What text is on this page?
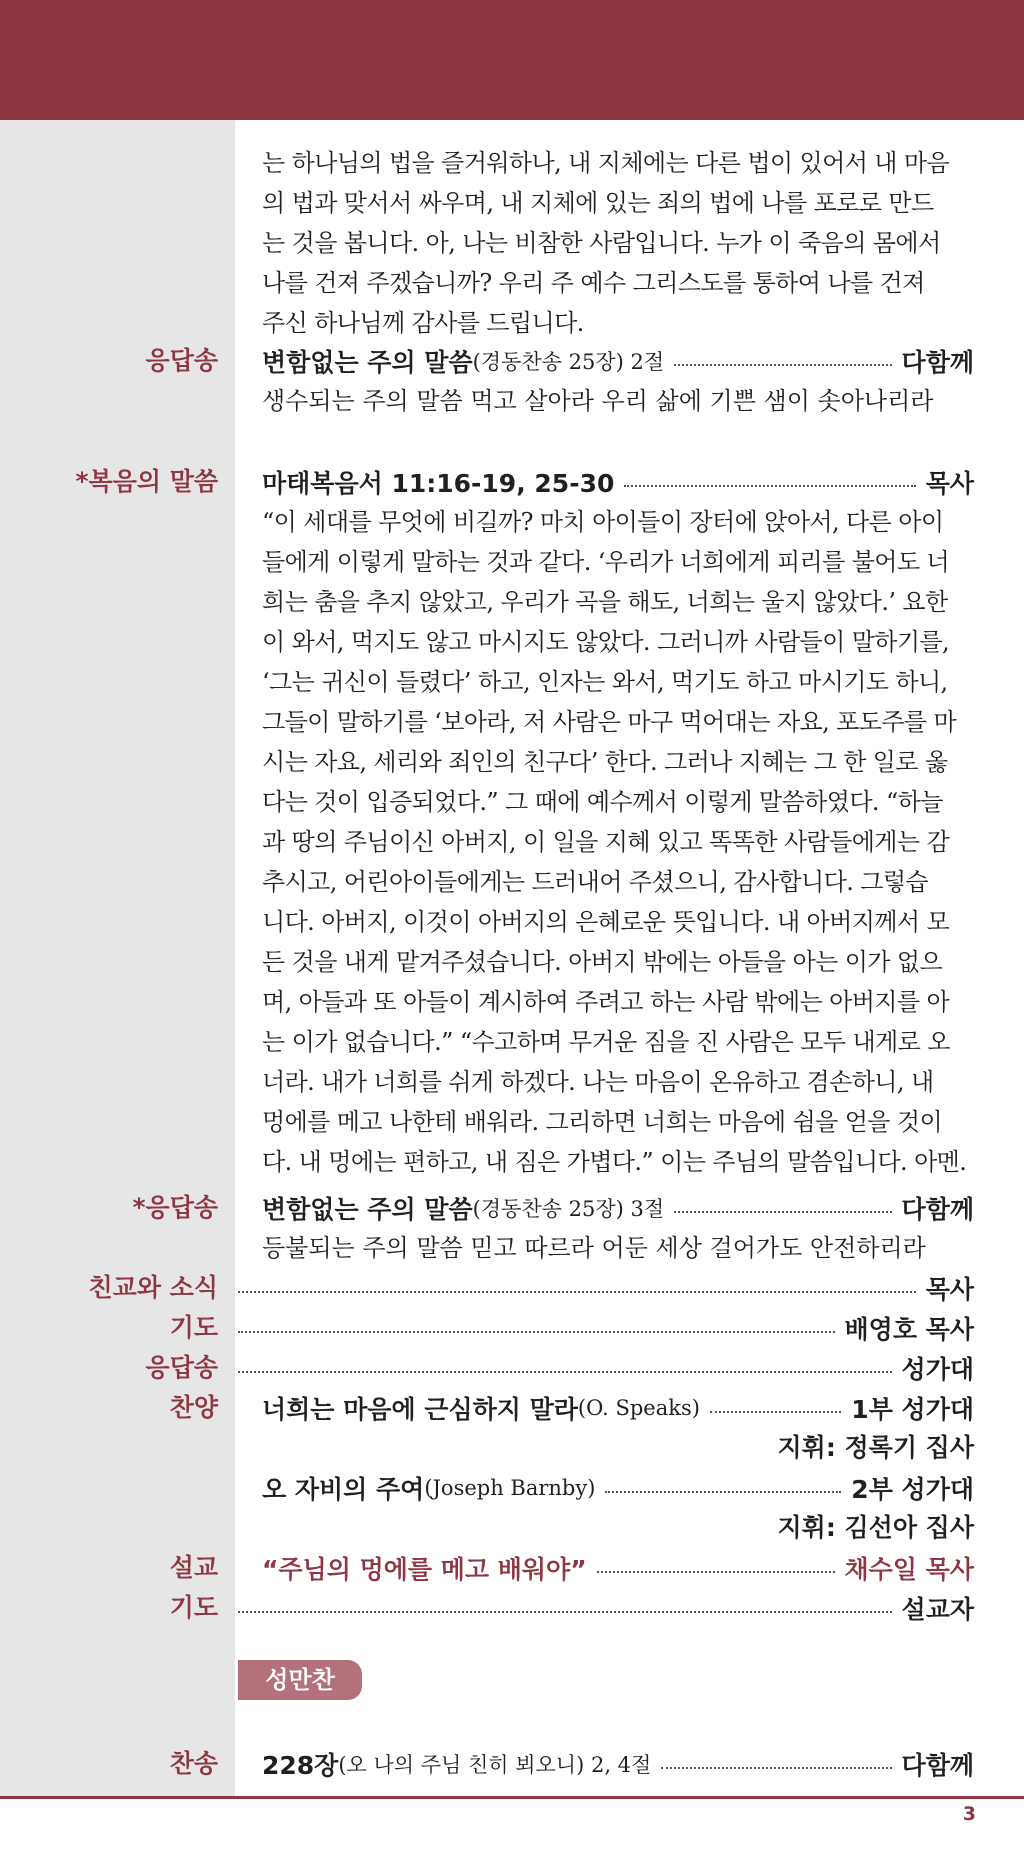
는 하나님의 법을 즐거워하나, 내 지체에는 다른 법이 있어서 내 마음

의 법과 맞서서 싸우며, 내 지체에 있는 죄의 법에 나를 포로로 만드

는 것을 봅니다. 아, 나는 비참한 사람입니다. 누가 이 죽음의 몸에서

나를 건져 주겠습니까? 우리 주 예수 그리스도를 통하여 나를 건져

주신 하나님께 감사를 드립니다.

응답송 변함없는 주의 말씀 (경동찬송 25장) 2절	다함께
생수되는 주의 말씀 먹고 살아라 우리 삶에 기쁜 샘이 솟아나리라
*복음의 말씀 마태복음서 11:16-19, 25-30	목사

“이 세대를 무엇에 비길까? 마치 아이들이 장터에 앉아서, 다른 아이

들에게 이렇게 말하는 것과 같다. ‘우리가 너희에게 피리를 불어도 너

희는 춤을 추지 않았고, 우리가 곡을 해도, 너희는 울지 않았다.’ 요한

이 와서, 먹지도 않고 마시지도 않았다. 그러니까 사람들이 말하기를,

‘그는 귀신이 들렸다’ 하고, 인자는 와서, 먹기도 하고 마시기도 하니,

그들이 말하기를 ‘보아라, 저 사람은 마구 먹어대는 자요, 포도주를 마

시는 자요, 세리와 죄인의 친구다’ 한다. 그러나 지혜는 그 한 일로 옳

다는 것이 입증되었다.” 그 때에 예수께서 이렇게 말씀하였다. “하늘

과 땅의 주님이신 아버지, 이 일을 지혜 있고 똑똑한 사람들에게는 감

추시고, 어린아이들에게는 드러내어 주셨으니, 감사합니다. 그렇습

니다. 아버지, 이것이 아버지의 은혜로운 뜻입니다. 내 아버지께서 모

든 것을 내게 맡겨주셨습니다. 아버지 밖에는 아들을 아는 이가 없으

며, 아들과 또 아들이 계시하여 주려고 하는 사람 밖에는 아버지를 아

는 이가 없습니다.” “수고하며 무거운 짐을 진 사람은 모두 내게로 오

너라. 내가 너희를 쉬게 하겠다. 나는 마음이 온유하고 겸손하니, 내

멍에를 메고 나한테 배워라. 그리하면 너희는 마음에 쉼을 얻을 것이

다. 내 멍에는 편하고, 내 짐은 가볍다.” 이는 주님의 말씀입니다. 아멘.

*응답송 변함없는 주의 말씀 (경동찬송 25장) 3절	다함께
등불되는 주의 말씀 믿고 따르라 어둔 세상 걸어가도 안전하리라
친교와 소식	목사
기도	배영호 목사
응답송	성가대
찬양 너희는 마음에 근심하지 말라 (O. Speaks)	1부 성가대
지휘: 정록기 집사
오 자비의 주여 (Joseph Barnby)	2부 성가대
지휘: 김선아 집사
설교 “주님의 멍에를 메고 배워야”	채수일 목사
기도	설교자
성만찬
찬송 228장 (오 나의 주님 친히 뵈오니) 2, 4절	다함께
3
